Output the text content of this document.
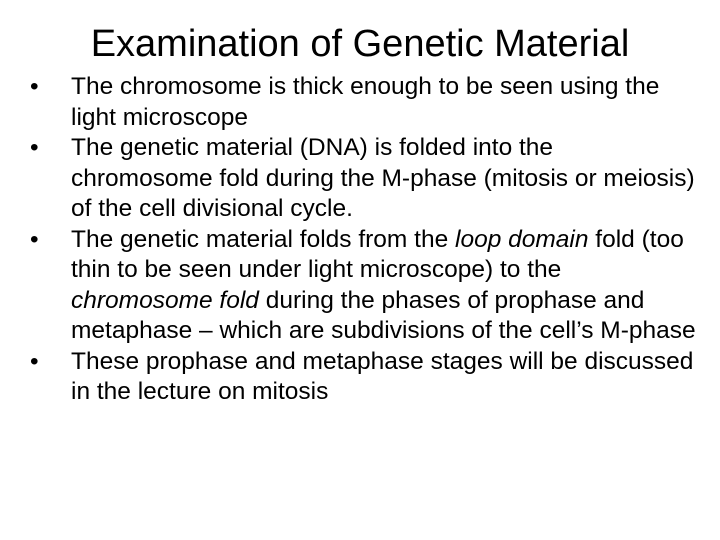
Examination of Genetic Material
•	The chromosome is thick enough to be seen using the light microscope
•	The genetic material (DNA) is folded into the chromosome fold during the M-phase (mitosis or meiosis) of the cell divisional cycle.
•	The genetic material folds from the loop domain fold (too thin to be seen under light microscope) to the chromosome fold during the phases of prophase and metaphase – which are subdivisions of the cell’s M-phase
•	These prophase and metaphase stages will be discussed in the lecture on mitosis
